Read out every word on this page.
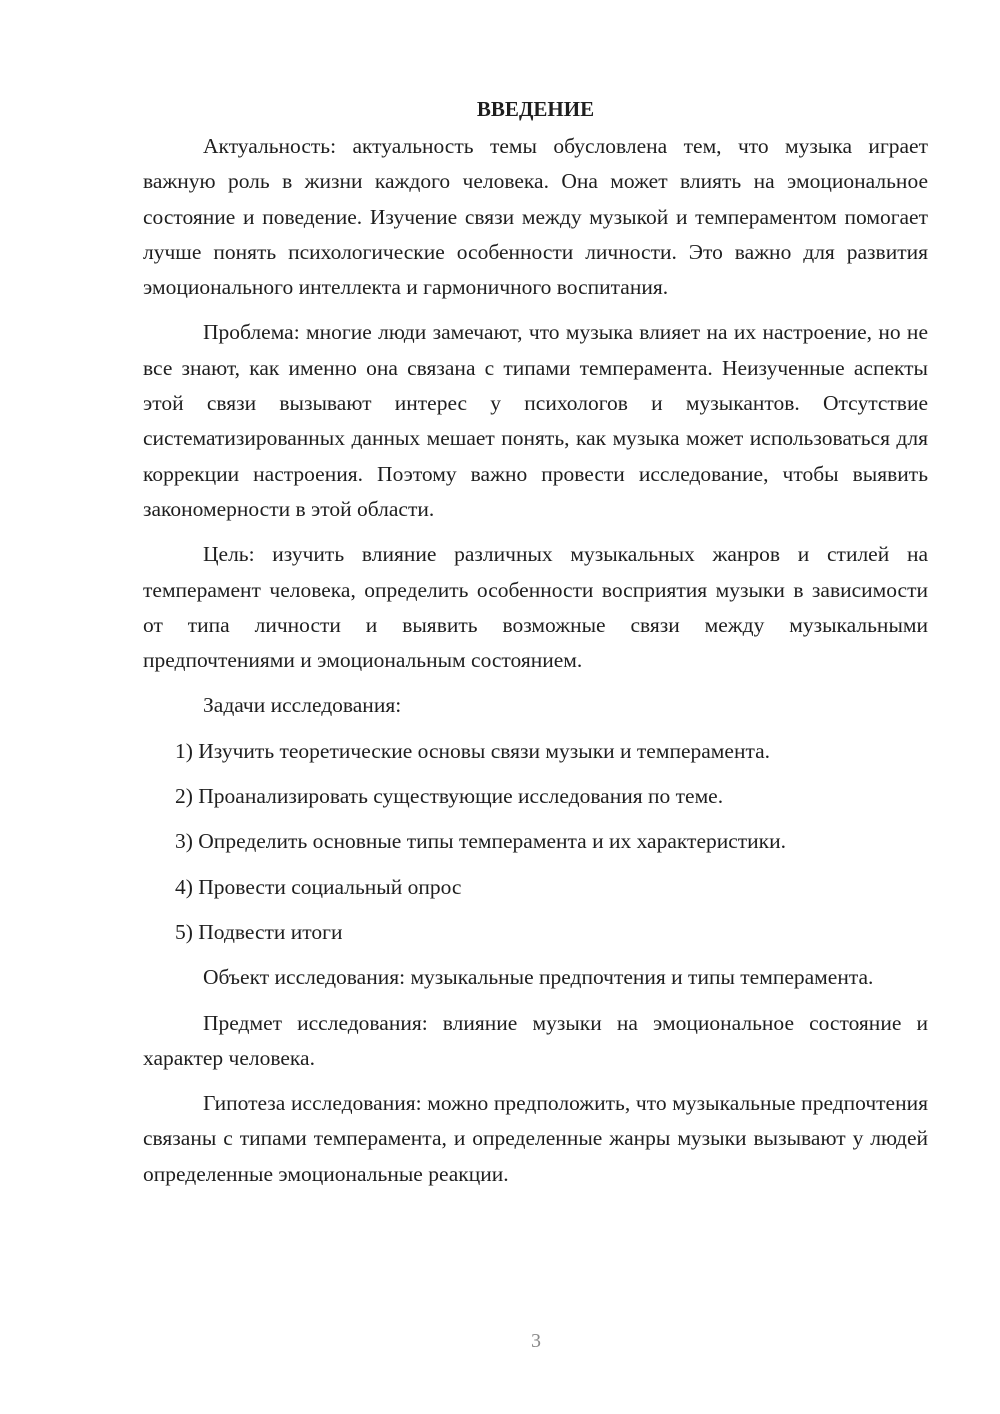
ВВЕДЕНИЕ

Актуальность: актуальность темы обусловлена тем, что музыка играет важную роль в жизни каждого человека. Она может влиять на эмоциональное состояние и поведение. Изучение связи между музыкой и темпераментом помогает лучше понять психологические особенности личности. Это важно для развития эмоционального интеллекта и гармоничного воспитания.

Проблема: многие люди замечают, что музыка влияет на их настроение, но не все знают, как именно она связана с типами темперамента. Неизученные аспекты этой связи вызывают интерес у психологов и музыкантов. Отсутствие систематизированных данных мешает понять, как музыка может использоваться для коррекции настроения. Поэтому важно провести исследование, чтобы выявить закономерности в этой области.

Цель: изучить влияние различных музыкальных жанров и стилей на темперамент человека, определить особенности восприятия музыки в зависимости от типа личности и выявить возможные связи между музыкальными предпочтениями и эмоциональным состоянием.

Задачи исследования:

1) Изучить теоретические основы связи музыки и темперамента.
2) Проанализировать существующие исследования по теме.
3) Определить основные типы темперамента и их характеристики.
4) Провести социальный опрос
5) Подвести итоги

Объект исследования: музыкальные предпочтения и типы темперамента.

Предмет исследования: влияние музыки на эмоциональное состояние и характер человека.

Гипотеза исследования: можно предположить, что музыкальные предпочтения связаны с типами темперамента, и определенные жанры музыки вызывают у людей определенные эмоциональные реакции.

3
